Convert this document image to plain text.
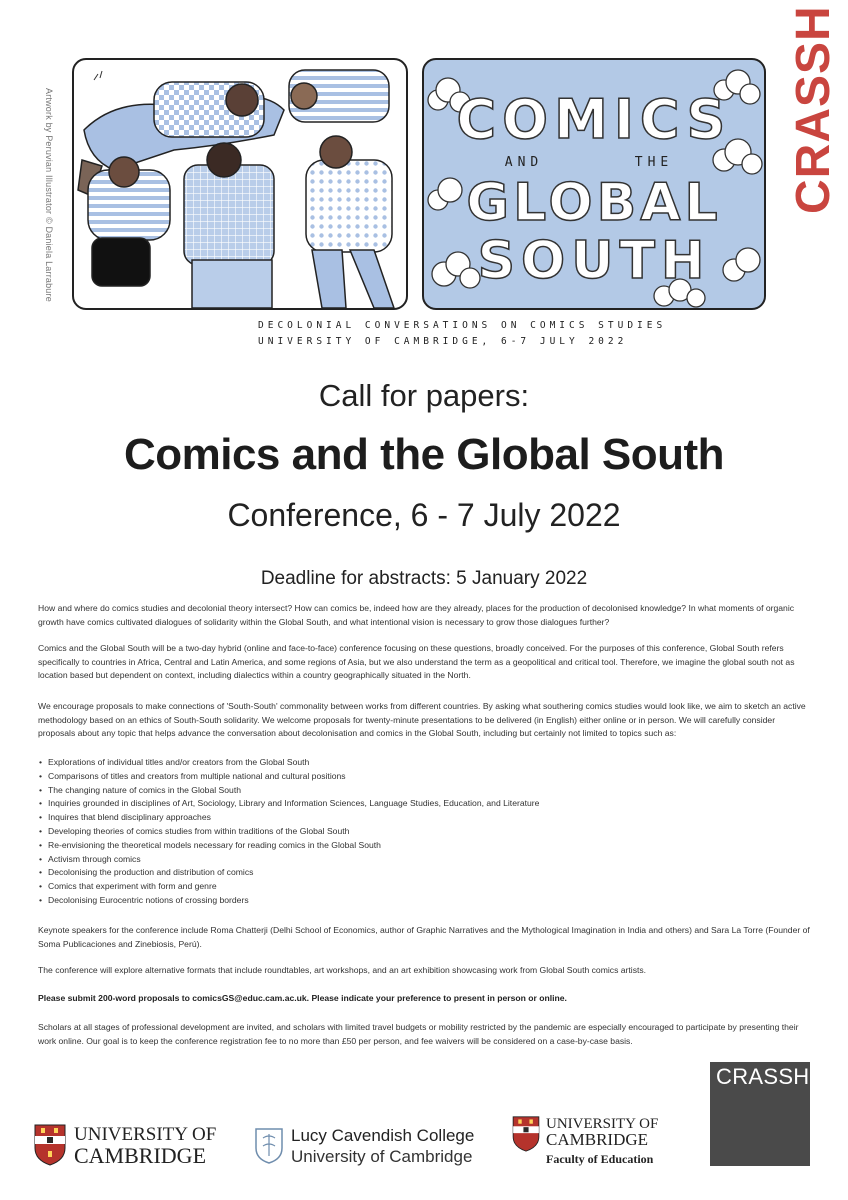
CRASSH
Artwork by Peruvian Illustrator © Daniela Larrabure	COMICS
AND	THE
GLOBAL
SOUTH
DECOLONIAL CONVERSATIONS ON COMICS STUDIES
UNIVERSITY OF CAMBRIDGE, 6-7 JULY 2022
Call for papers:
Comics and the Global South
Conference, 6 - 7 July 2022
Deadline for abstracts: 5 January 2022

How and where do comics studies and decolonial theory intersect? How can comics be, indeed how are they already, places for the production of decolonised knowledge? In what moments of organic growth have comics cultivated dialogues of solidarity within the Global South, and what intentional vision is necessary to grow those dialogues further?

Comics and the Global South will be a two-day hybrid (online and face-to-face) conference focusing on these questions, broadly conceived. For the purposes of this conference, Global South refers specifically to countries in Africa, Central and Latin America, and some regions of Asia, but we also understand the term as a geopolitical and critical tool. Therefore, we imagine the global south not as location based but dependent on context, including dialectics within a country geographically situated in the North.

We encourage proposals to make connections of 'South-South' commonality between works from different countries. By asking what southering comics studies would look like, we aim to sketch an active methodology based on an ethics of South-South solidarity. We welcome proposals for twenty-minute presentations to be delivered (in English) either online or in person. We will carefully consider proposals about any topic that helps advance the conversation about decolonisation and comics in the Global South, including but certainly not limited to topics such as:

• Explorations of individual titles and/or creators from the Global South
• Comparisons of titles and creators from multiple national and cultural positions
• The changing nature of comics in the Global South
• Inquiries grounded in disciplines of Art, Sociology, Library and Information Sciences, Language Studies, Education, and Literature
• Inquires that blend disciplinary approaches
• Developing theories of comics studies from within traditions of the Global South
• Re-envisioning the theoretical models necessary for reading comics in the Global South
• Activism through comics
• Decolonising the production and distribution of comics
• Comics that experiment with form and genre
• Decolonising Eurocentric notions of crossing borders

Keynote speakers for the conference include Roma Chatterji (Delhi School of Economics, author of Graphic Narratives and the Mythological Imagination in India and others) and Sara La Torre (Founder of Soma Publicaciones and Zinebiosis, Perú).

The conference will explore alternative formats that include roundtables, art workshops, and an art exhibition showcasing work from Global South comics artists.

Please submit 200-word proposals to comicsGS@educ.cam.ac.uk. Please indicate your preference to present in person or online.

Scholars at all stages of professional development are invited, and scholars with limited travel budgets or mobility restricted by the pandemic are especially encouraged to participate by presenting their work online. Our goal is to keep the conference registration fee to no more than £50 per person, and fee waivers will be considered on a case-by-case basis.

CRASSH
UNIVERSITY OF
CAMBRIDGE
Lucy Cavendish College
University of Cambridge
UNIVERSITY OF
CAMBRIDGE
Faculty of Education
